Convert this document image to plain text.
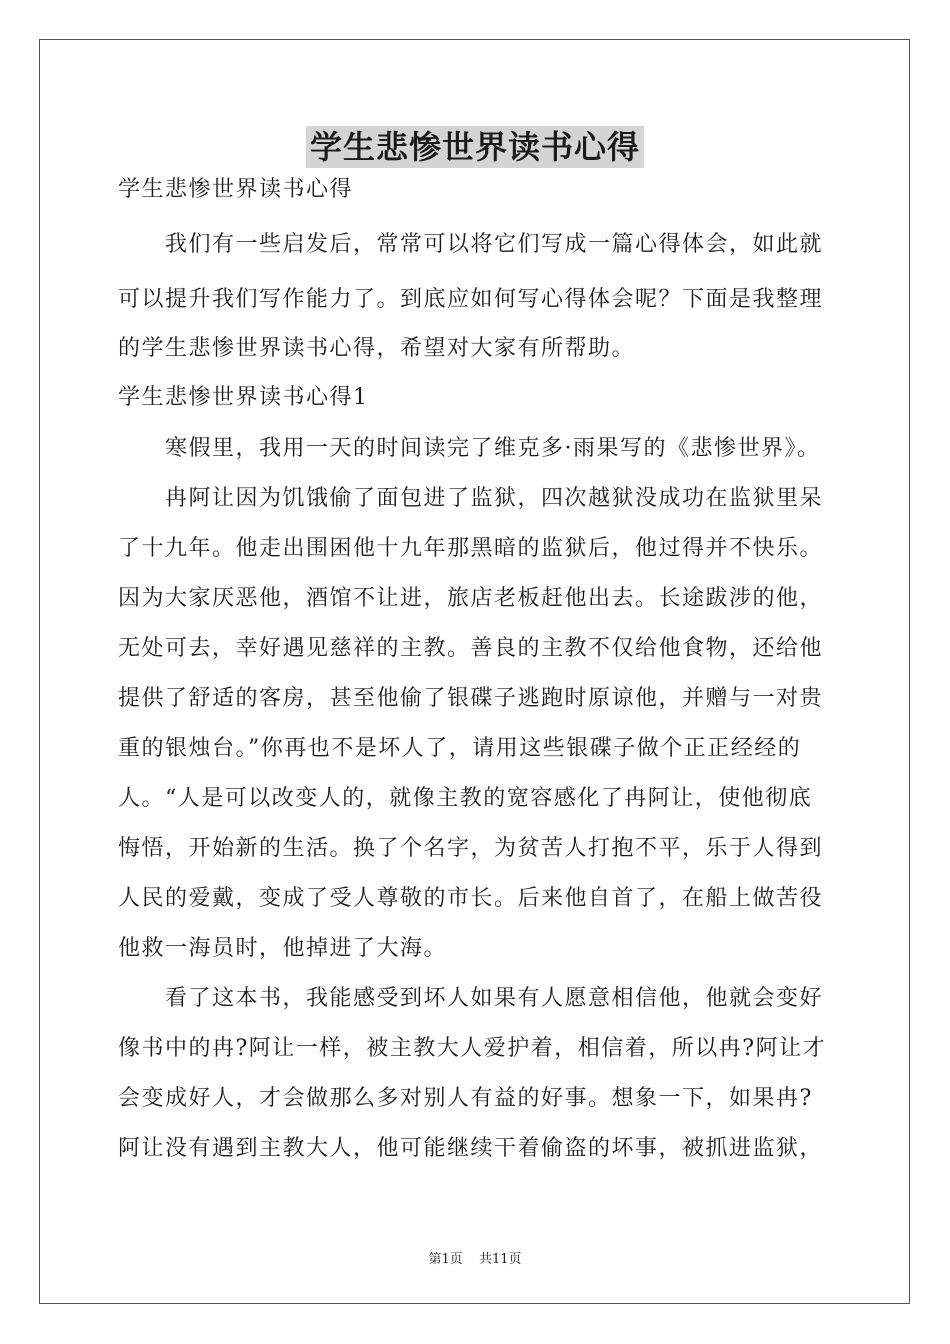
学生悲惨世界读书心得
学生悲惨世界读书心得
　　我们有一些启发后，常常可以将它们写成一篇心得体会，如此就
可以提升我们写作能力了。到底应如何写心得体会呢？下面是我整理
的学生悲惨世界读书心得，希望对大家有所帮助。
学生悲惨世界读书心得1
　　寒假里，我用一天的时间读完了维克多·雨果写的《悲惨世界》。
　　冉阿让因为饥饿偷了面包进了监狱，四次越狱没成功在监狱里呆
了十九年。他走出围困他十九年那黑暗的监狱后，他过得并不快乐。
因为大家厌恶他，酒馆不让进，旅店老板赶他出去。长途跋涉的他，
无处可去，幸好遇见慈祥的主教。善良的主教不仅给他食物，还给他
提供了舒适的客房，甚至他偷了银碟子逃跑时原谅他，并赠与一对贵
重的银烛台。”你再也不是坏人了，请用这些银碟子做个正正经经的
人。“人是可以改变人的，就像主教的宽容感化了冉阿让，使他彻底
悔悟，开始新的生活。换了个名字，为贫苦人打抱不平，乐于人得到
人民的爱戴，变成了受人尊敬的市长。后来他自首了，在船上做苦役
他救一海员时，他掉进了大海。
　　看了这本书，我能感受到坏人如果有人愿意相信他，他就会变好
像书中的冉?阿让一样，被主教大人爱护着，相信着，所以冉?阿让才
会变成好人，才会做那么多对别人有益的好事。想象一下，如果冉?
阿让没有遇到主教大人，他可能继续干着偷盗的坏事，被抓进监狱，
第1页 共11页
